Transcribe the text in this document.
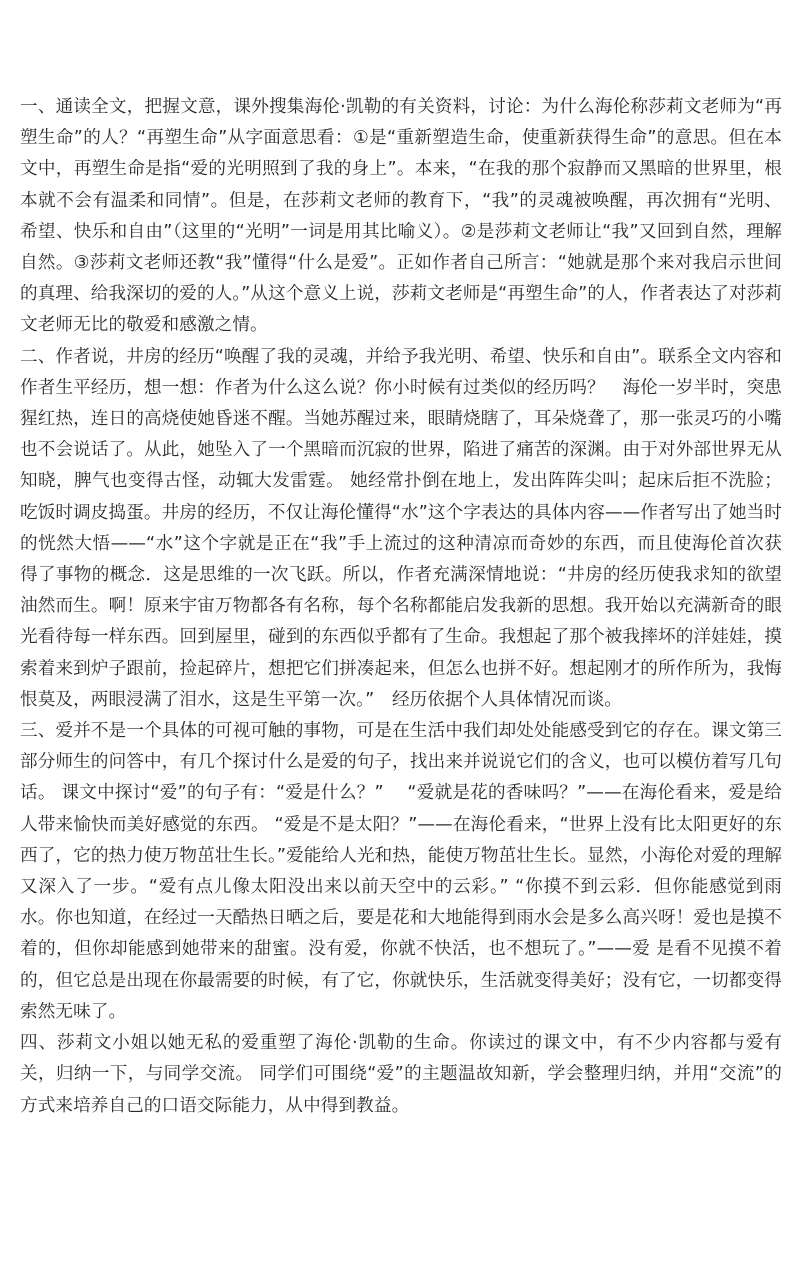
一、通读全文，把握文意，课外搜集海伦·凯勒的有关资料，讨论：为什么海伦称莎莉文老师为“再塑生命”的人？“再塑生命”从字面意思看：①是“重新塑造生命，使重新获得生命”的意思。但在本文中，再塑生命是指“爱的光明照到了我的身上”。本来，“在我的那个寂静而又黑暗的世界里，根本就不会有温柔和同情”。但是，在莎莉文老师的教育下，“我”的灵魂被唤醒，再次拥有“光明、希望、快乐和自由”（这里的“光明”一词是用其比喻义）。②是莎莉文老师让“我”又回到自然，理解自然。③莎莉文老师还教“我”懂得“什么是爱”。正如作者自己所言：“她就是那个来对我启示世间的真理、给我深切的爱的人。”从这个意义上说，莎莉文老师是“再塑生命”的人，作者表达了对莎莉文老师无比的敬爱和感激之情。

二、作者说，井房的经历“唤醒了我的灵魂，并给予我光明、希望、快乐和自由”。联系全文内容和作者生平经历，想一想：作者为什么这么说？你小时候有过类似的经历吗？　海伦一岁半时，突患猩红热，连日的高烧使她昏迷不醒。当她苏醒过来，眼睛烧瞎了，耳朵烧聋了，那一张灵巧的小嘴也不会说话了。从此，她坠入了一个黑暗而沉寂的世界，陷进了痛苦的深渊。由于对外部世界无从知晓，脾气也变得古怪，动辄大发雷霆。 她经常扑倒在地上，发出阵阵尖叫；起床后拒不洗脸；吃饭时调皮捣蛋。井房的经历，不仅让海伦懂得“水”这个字表达的具体内容——作者写出了她当时的恍然大悟——“水”这个字就是正在“我”手上流过的这种清凉而奇妙的东西，而且使海伦首次获得了事物的概念．这是思维的一次飞跃。所以，作者充满深情地说：“井房的经历使我求知的欲望油然而生。啊！原来宇宙万物都各有名称，每个名称都能启发我新的思想。我开始以充满新奇的眼光看待每一样东西。回到屋里，碰到的东西似乎都有了生命。我想起了那个被我摔坏的洋娃娃，摸索着来到炉子跟前，捡起碎片，想把它们拼凑起来，但怎么也拼不好。想起刚才的所作所为，我悔恨莫及，两眼浸满了泪水，这是生平第一次。”　经历依据个人具体情况而谈。

三、爱并不是一个具体的可视可触的事物，可是在生活中我们却处处能感受到它的存在。课文第三部分师生的问答中，有几个探讨什么是爱的句子，找出来并说说它们的含义，也可以模仿着写几句话。 课文中探讨“爱”的句子有：“爱是什么？”　 “爱就是花的香味吗？”——在海伦看来，爱是给人带来愉快而美好感觉的东西。 “爱是不是太阳？”——在海伦看来，“世界上没有比太阳更好的东西了，它的热力使万物茁壮生长。”爱能给人光和热，能使万物茁壮生长。显然，小海伦对爱的理解又深入了一步。“爱有点儿像太阳没出来以前天空中的云彩。” “你摸不到云彩．但你能感觉到雨水。你也知道，在经过一天酷热日晒之后，要是花和大地能得到雨水会是多么高兴呀！爱也是摸不着的，但你却能感到她带来的甜蜜。没有爱，你就不快活，也不想玩了。”——爱 是看不见摸不着的，但它总是出现在你最需要的时候，有了它，你就快乐，生活就变得美好；没有它，一切都变得索然无味了。

四、莎莉文小姐以她无私的爱重塑了海伦·凯勒的生命。你读过的课文中，有不少内容都与爱有关，归纳一下，与同学交流。 同学们可围绕“爱”的主题温故知新，学会整理归纳，并用“交流”的方式来培养自己的口语交际能力，从中得到教益。
